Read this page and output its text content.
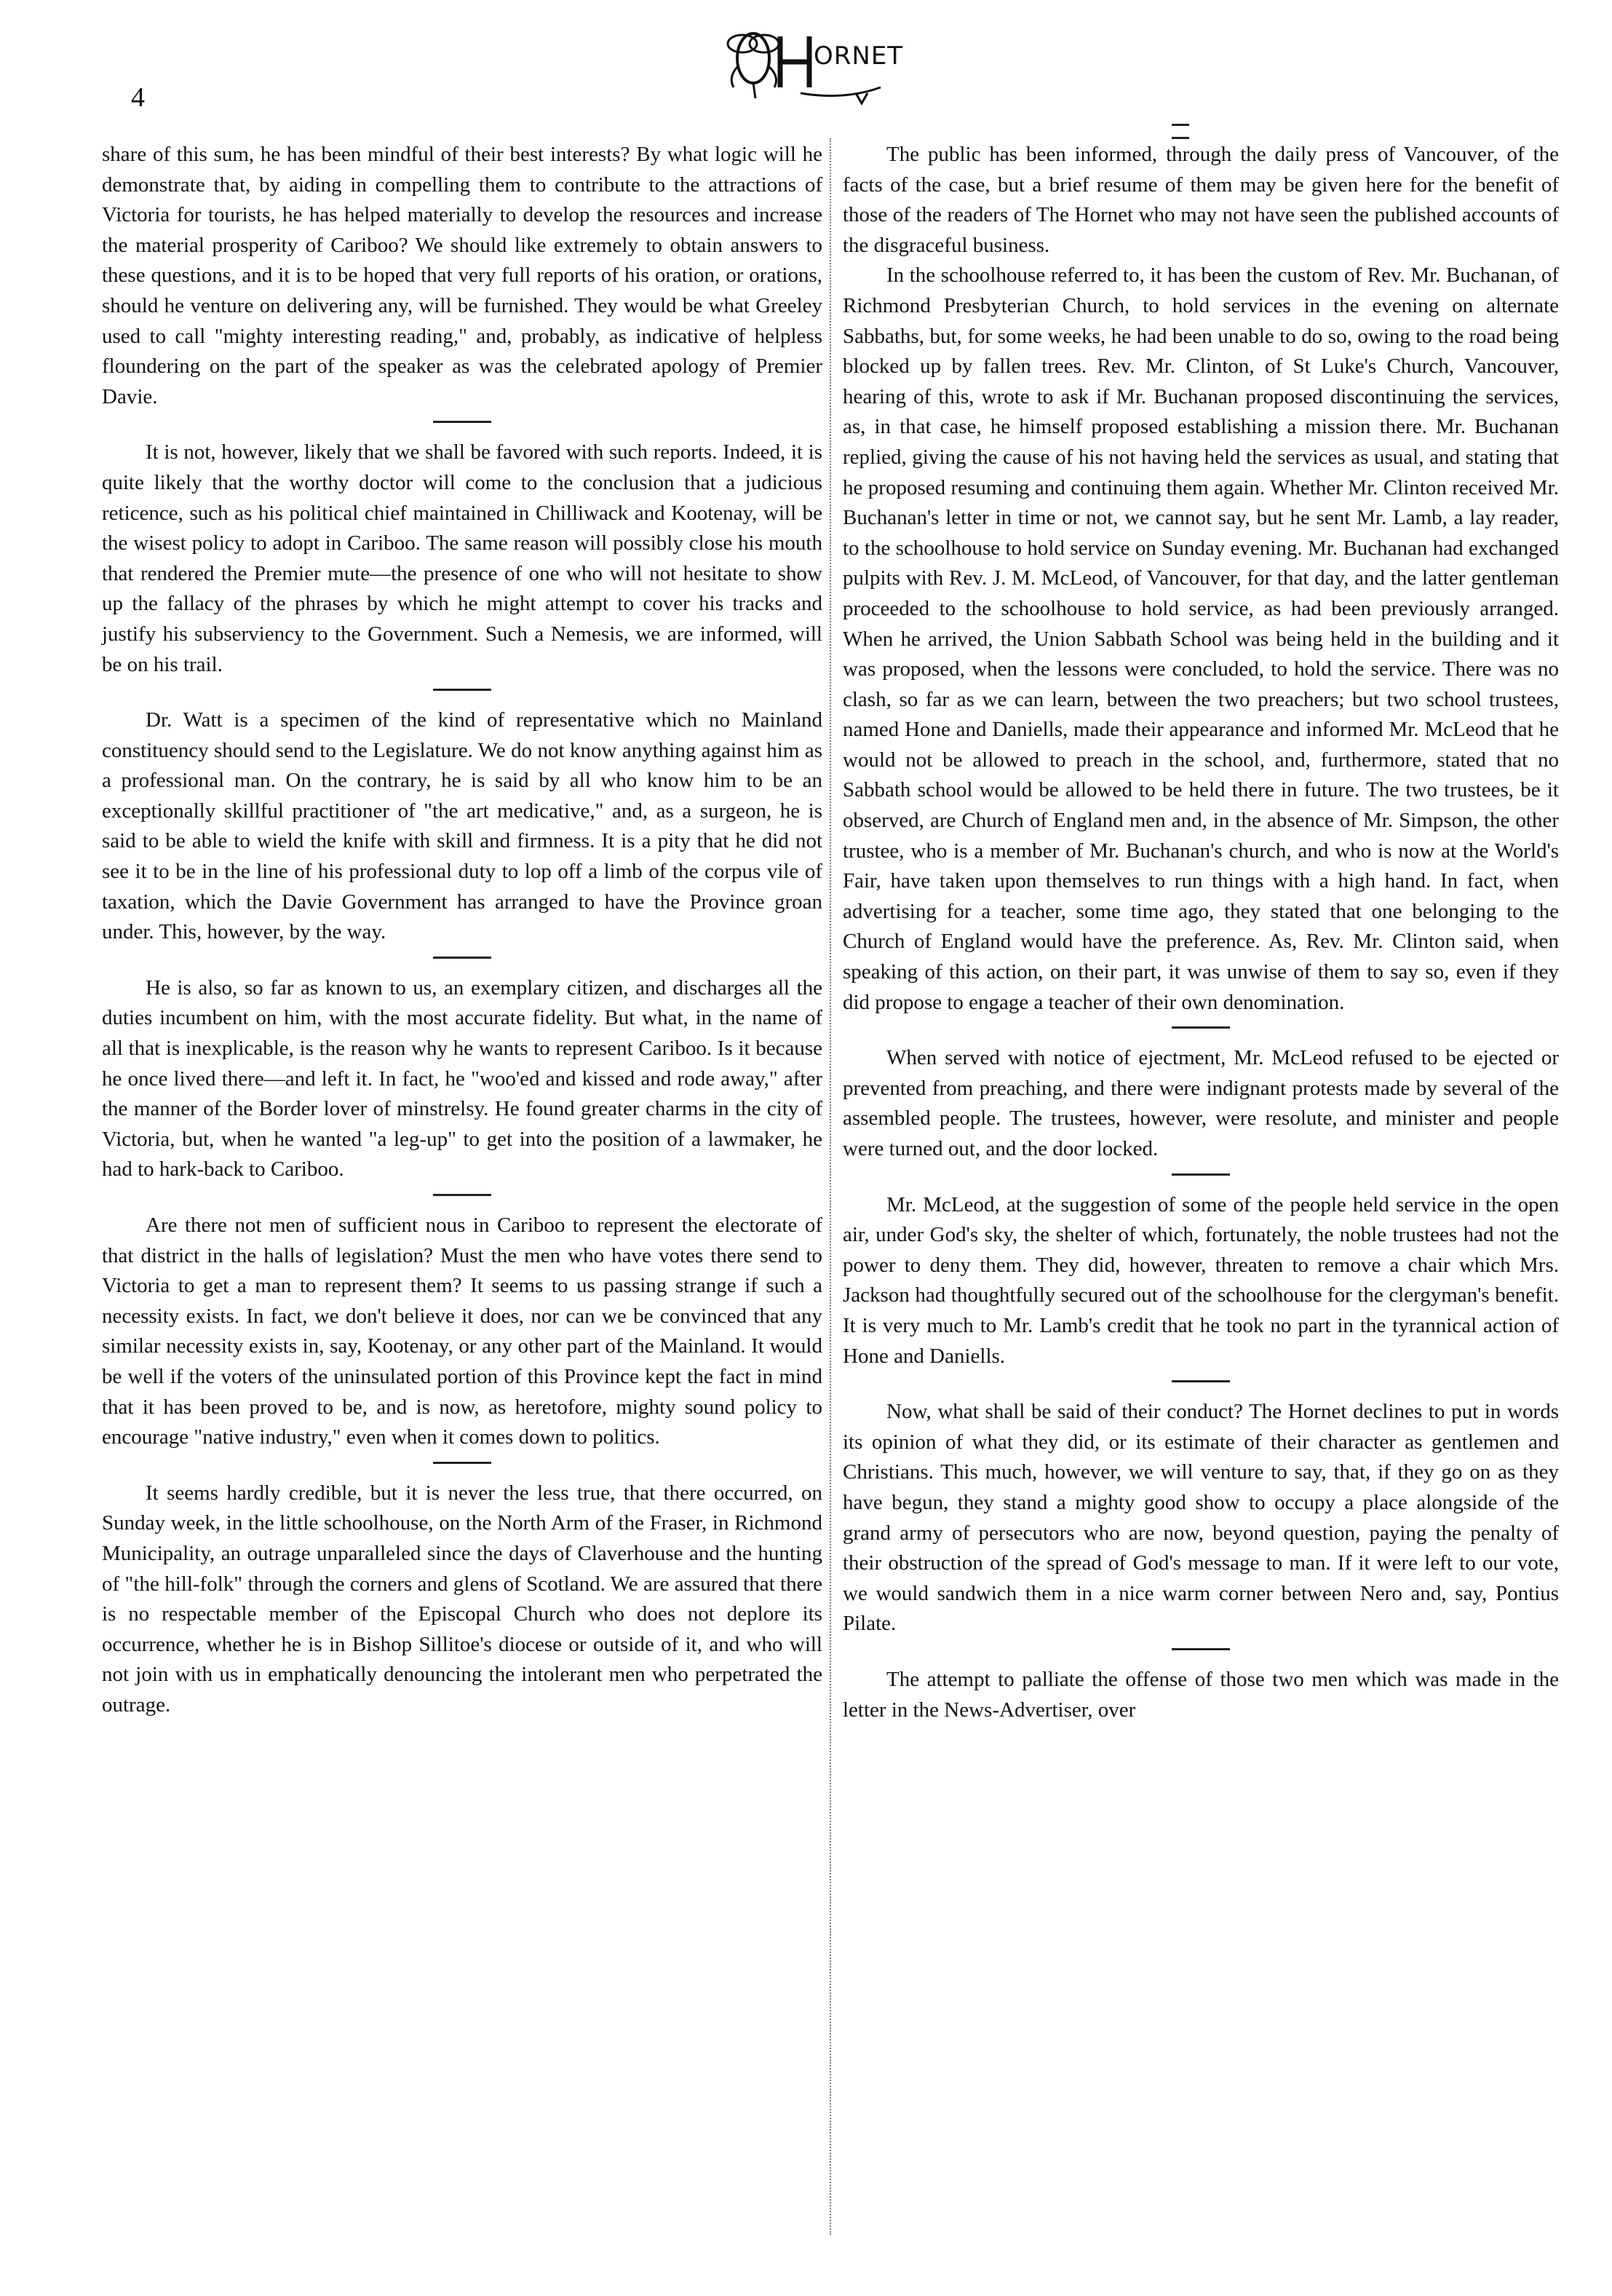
4
ORNET

share of this sum, he has been mindful of their best interests? By what logic will he demonstrate that, by aiding in compelling them to contribute to the attractions of Victoria for tourists, he has helped materially to develop the resources and increase the material prosperity of Cariboo? We should like extremely to obtain answers to these questions, and it is to be hoped that very full reports of his oration, or orations, should he venture on delivering any, will be furnished. They would be what Greeley used to call "mighty interesting reading," and, probably, as indicative of helpless floundering on the part of the speaker as was the celebrated apology of Premier Davie.

It is not, however, likely that we shall be favored with such reports. Indeed, it is quite likely that the worthy doctor will come to the conclusion that a judicious reticence, such as his political chief maintained in Chilliwack and Kootenay, will be the wisest policy to adopt in Cariboo. The same reason will possibly close his mouth that rendered the Premier mute—the presence of one who will not hesitate to show up the fallacy of the phrases by which he might attempt to cover his tracks and justify his subserviency to the Government. Such a Nemesis, we are informed, will be on his trail.

Dr. Watt is a specimen of the kind of representative which no Mainland constituency should send to the Legislature. We do not know anything against him as a professional man. On the contrary, he is said by all who know him to be an exceptionally skillful practitioner of "the art medicative," and, as a surgeon, he is said to be able to wield the knife with skill and firmness. It is a pity that he did not see it to be in the line of his professional duty to lop off a limb of the corpus vile of taxation, which the Davie Government has arranged to have the Province groan under. This, however, by the way.

He is also, so far as known to us, an exemplary citizen, and discharges all the duties incumbent on him, with the most accurate fidelity. But what, in the name of all that is inexplicable, is the reason why he wants to represent Cariboo. Is it because he once lived there—and left it. In fact, he "woo'ed and kissed and rode away," after the manner of the Border lover of minstrelsy. He found greater charms in the city of Victoria, but, when he wanted "a leg-up" to get into the position of a lawmaker, he had to hark-back to Cariboo.

Are there not men of sufficient nous in Cariboo to represent the electorate of that district in the halls of legislation? Must the men who have votes there send to Victoria to get a man to represent them? It seems to us passing strange if such a necessity exists. In fact, we don't believe it does, nor can we be convinced that any similar necessity exists in, say, Kootenay, or any other part of the Mainland. It would be well if the voters of the uninsulated portion of this Province kept the fact in mind that it has been proved to be, and is now, as heretofore, mighty sound policy to encourage "native industry," even when it comes down to politics.

It seems hardly credible, but it is never the less true, that there occurred, on Sunday week, in the little schoolhouse, on the North Arm of the Fraser, in Richmond Municipality, an outrage unparalleled since the days of Claverhouse and the hunting of "the hill-folk" through the corners and glens of Scotland. We are assured that there is no respectable member of the Episcopal Church who does not deplore its occurrence, whether he is in Bishop Sillitoe's diocese or outside of it, and who will not join with us in emphatically denouncing the intolerant men who perpetrated the outrage.

The public has been informed, through the daily press of Vancouver, of the facts of the case, but a brief resume of them may be given here for the benefit of those of the readers of The Hornet who may not have seen the published accounts of the disgraceful business.

In the schoolhouse referred to, it has been the custom of Rev. Mr. Buchanan, of Richmond Presbyterian Church, to hold services in the evening on alternate Sabbaths, but, for some weeks, he had been unable to do so, owing to the road being blocked up by fallen trees. Rev. Mr. Clinton, of St Luke's Church, Vancouver, hearing of this, wrote to ask if Mr. Buchanan proposed discontinuing the services, as, in that case, he himself proposed establishing a mission there. Mr. Buchanan replied, giving the cause of his not having held the services as usual, and stating that he proposed resuming and continuing them again. Whether Mr. Clinton received Mr. Buchanan's letter in time or not, we cannot say, but he sent Mr. Lamb, a lay reader, to the schoolhouse to hold service on Sunday evening. Mr. Buchanan had exchanged pulpits with Rev. J. M. McLeod, of Vancouver, for that day, and the latter gentleman proceeded to the schoolhouse to hold service, as had been previously arranged. When he arrived, the Union Sabbath School was being held in the building and it was proposed, when the lessons were concluded, to hold the service. There was no clash, so far as we can learn, between the two preachers; but two school trustees, named Hone and Daniells, made their appearance and informed Mr. McLeod that he would not be allowed to preach in the school, and, furthermore, stated that no Sabbath school would be allowed to be held there in future. The two trustees, be it observed, are Church of England men and, in the absence of Mr. Simpson, the other trustee, who is a member of Mr. Buchanan's church, and who is now at the World's Fair, have taken upon themselves to run things with a high hand. In fact, when advertising for a teacher, some time ago, they stated that one belonging to the Church of England would have the preference. As, Rev. Mr. Clinton said, when speaking of this action, on their part, it was unwise of them to say so, even if they did propose to engage a teacher of their own denomination.

When served with notice of ejectment, Mr. McLeod refused to be ejected or prevented from preaching, and there were indignant protests made by several of the assembled people. The trustees, however, were resolute, and minister and people were turned out, and the door locked.

Mr. McLeod, at the suggestion of some of the people held service in the open air, under God's sky, the shelter of which, fortunately, the noble trustees had not the power to deny them. They did, however, threaten to remove a chair which Mrs. Jackson had thoughtfully secured out of the schoolhouse for the clergyman's benefit. It is very much to Mr. Lamb's credit that he took no part in the tyrannical action of Hone and Daniells.

Now, what shall be said of their conduct? The Hornet declines to put in words its opinion of what they did, or its estimate of their character as gentlemen and Christians. This much, however, we will venture to say, that, if they go on as they have begun, they stand a mighty good show to occupy a place alongside of the grand army of persecutors who are now, beyond question, paying the penalty of their obstruction of the spread of God's message to man. If it were left to our vote, we would sandwich them in a nice warm corner between Nero and, say, Pontius Pilate.

The attempt to palliate the offense of those two men which was made in the letter in the News-Advertiser, over
